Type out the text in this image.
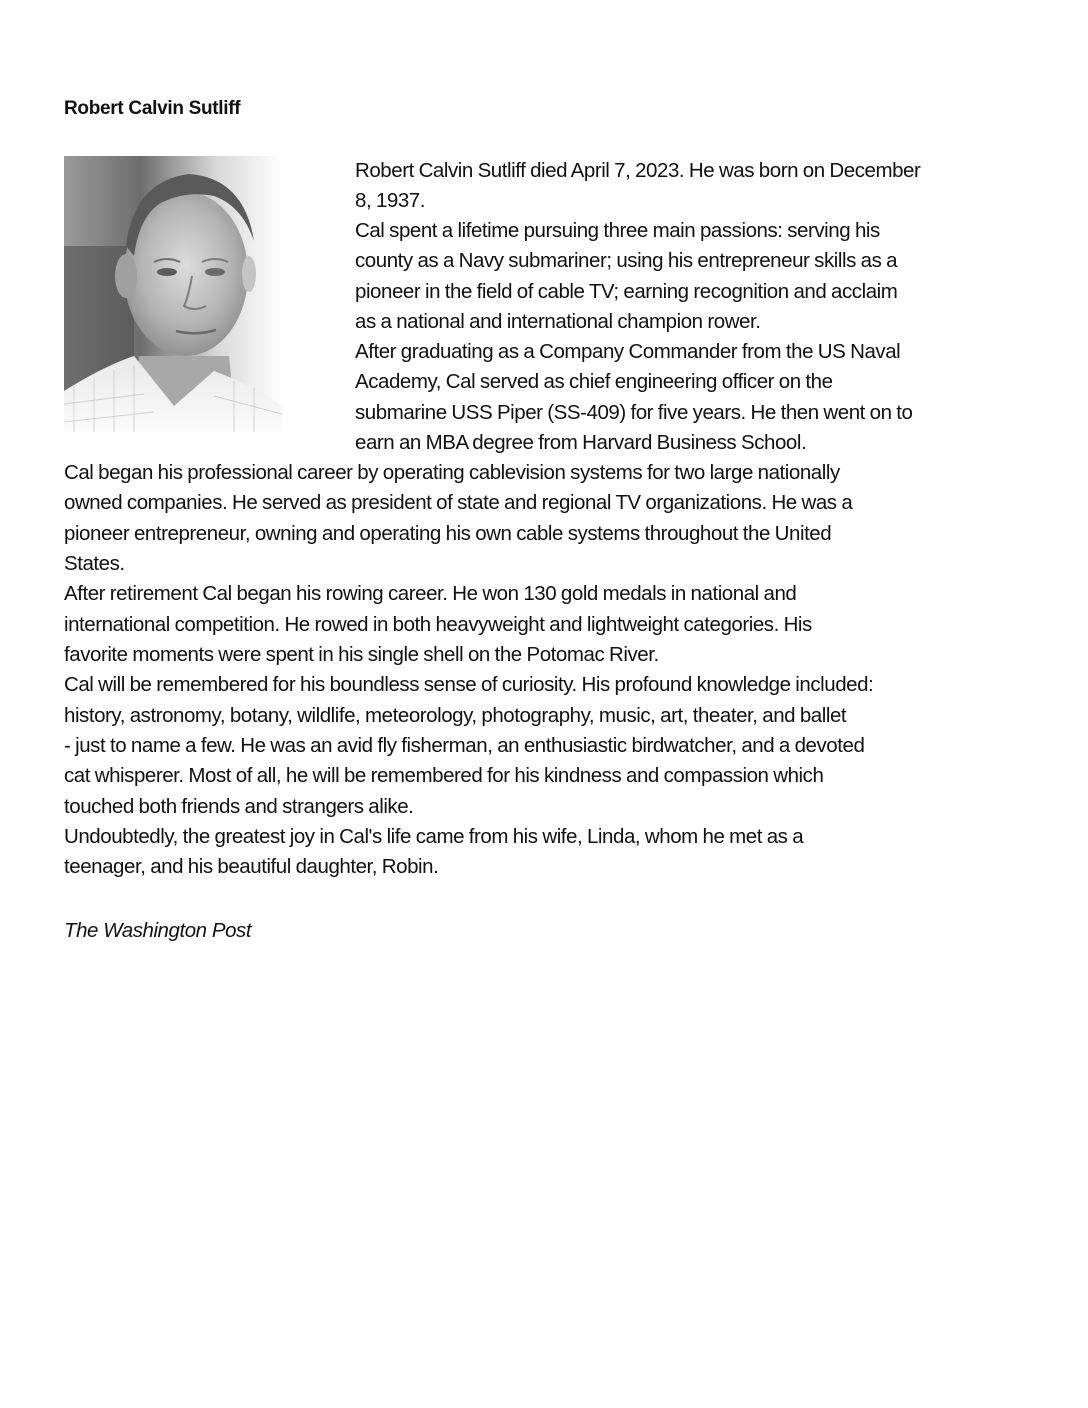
Robert Calvin Sutliff
Robert Calvin Sutliff died April 7, 2023. He was born on December
8, 1937.
Cal spent a lifetime pursuing three main passions: serving his
county as a Navy submariner; using his entrepreneur skills as a
pioneer in the field of cable TV; earning recognition and acclaim
as a national and international champion rower.
After graduating as a Company Commander from the US Naval
Academy, Cal served as chief engineering officer on the
submarine USS Piper (SS-409) for five years. He then went on to
earn an MBA degree from Harvard Business School.
Cal began his professional career by operating cablevision systems for two large nationally
owned companies. He served as president of state and regional TV organizations. He was a
pioneer entrepreneur, owning and operating his own cable systems throughout the United
States.
After retirement Cal began his rowing career. He won 130 gold medals in national and
international competition. He rowed in both heavyweight and lightweight categories. His
favorite moments were spent in his single shell on the Potomac River.
Cal will be remembered for his boundless sense of curiosity. His profound knowledge included:
history, astronomy, botany, wildlife, meteorology, photography, music, art, theater, and ballet
- just to name a few. He was an avid fly fisherman, an enthusiastic birdwatcher, and a devoted
cat whisperer. Most of all, he will be remembered for his kindness and compassion which
touched both friends and strangers alike.
Undoubtedly, the greatest joy in Cal's life came from his wife, Linda, whom he met as a
teenager, and his beautiful daughter, Robin.
The Washington Post
